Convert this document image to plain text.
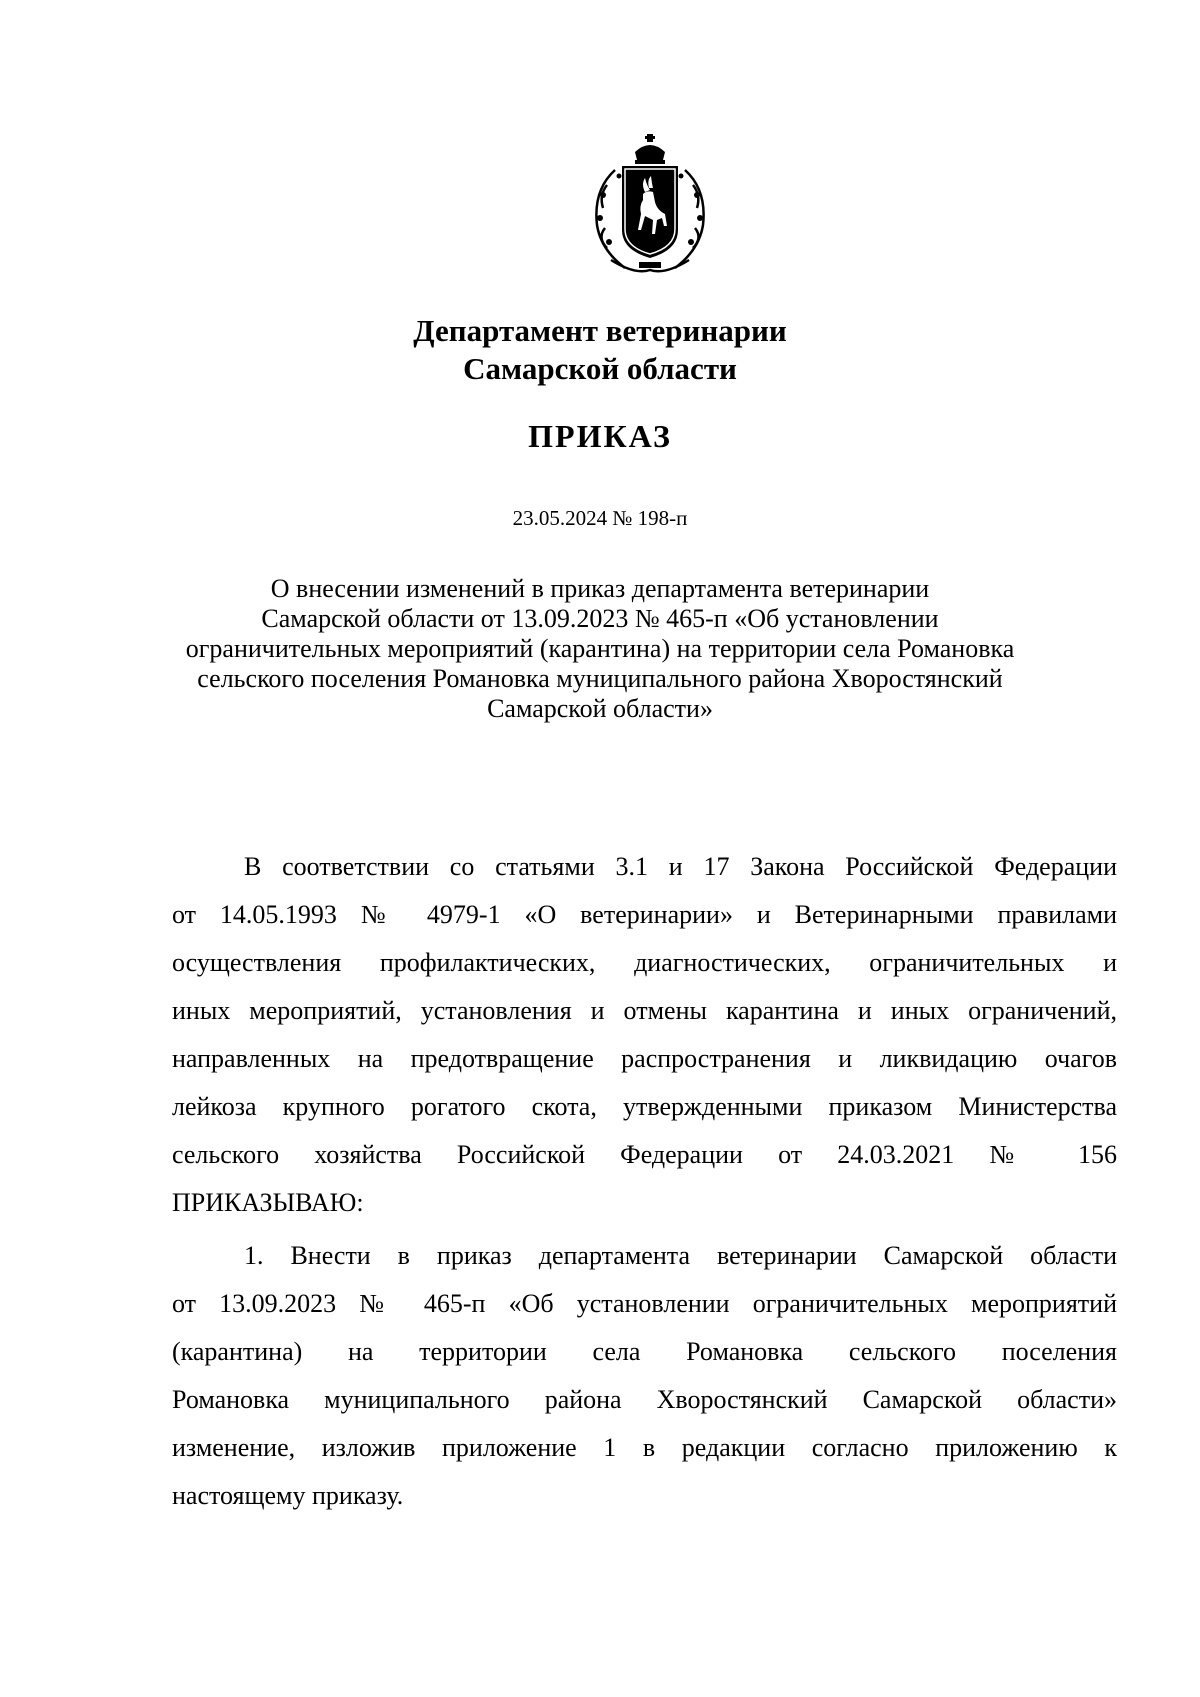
Департамент ветеринарии
Самарской области
ПРИКАЗ
23.05.2024 № 198-п
О внесении изменений в приказ департамента ветеринарии
Самарской области от 13.09.2023 № 465-п «Об установлении
ограничительных мероприятий (карантина) на территории села Романовка
сельского поселения Романовка муниципального района Хворостянский
Самарской области»
В соответствии со статьями 3.1 и 17 Закона Российской Федерации
от 14.05.1993 № 4979-1 «О ветеринарии» и Ветеринарными правилами
осуществления профилактических, диагностических, ограничительных и
иных мероприятий, установления и отмены карантина и иных ограничений,
направленных на предотвращение распространения и ликвидацию очагов
лейкоза крупного рогатого скота, утвержденными приказом Министерства
сельского хозяйства Российской Федерации от 24.03.2021 № 156
ПРИКАЗЫВАЮ:
1. Внести в приказ департамента ветеринарии Самарской области
от 13.09.2023 № 465-п «Об установлении ограничительных мероприятий
(карантина) на территории села Романовка сельского поселения
Романовка муниципального района Хворостянский Самарской области»
изменение, изложив приложение 1 в редакции согласно приложению к
настоящему приказу.
